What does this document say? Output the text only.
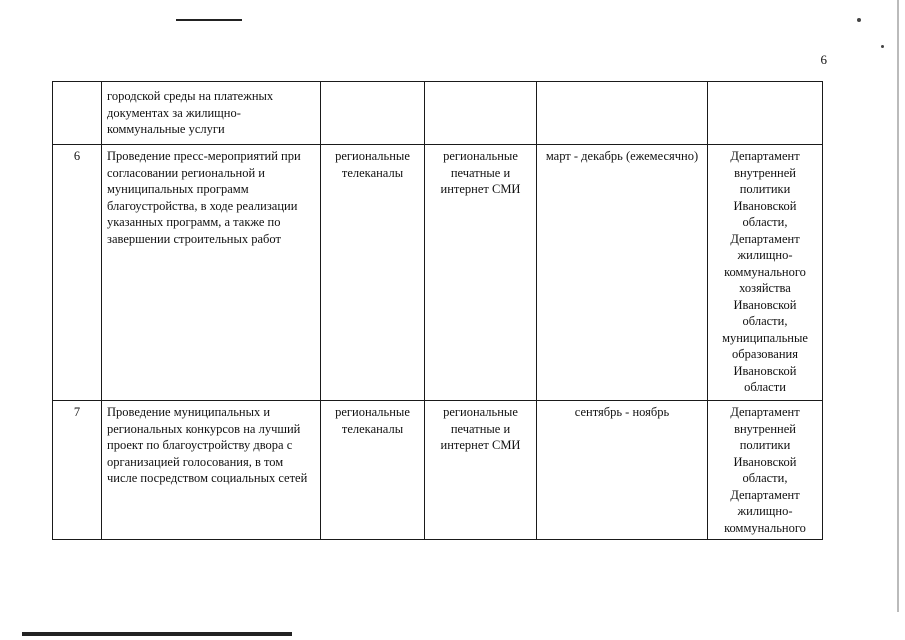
6
	городской среды на платежных документах за жилищно-коммунальные услуги				
6	Проведение пресс-мероприятий при согласовании региональной и муниципальных программ благоустройства, в ходе реализации указанных программ, а также по завершении строительных работ	региональные телеканалы	региональные печатные и интернет СМИ	март - декабрь (ежемесячно)	Департамент внутренней политики Ивановской области, Департамент жилищно-коммунального хозяйства Ивановской области, муниципальные образования Ивановской области
7	Проведение муниципальных и региональных конкурсов на лучший проект по благоустройству двора с организацией голосования, в том числе посредством социальных сетей	региональные телеканалы	региональные печатные и интернет СМИ	сентябрь - ноябрь	Департамент внутренней политики Ивановской области, Департамент жилищно-коммунального
